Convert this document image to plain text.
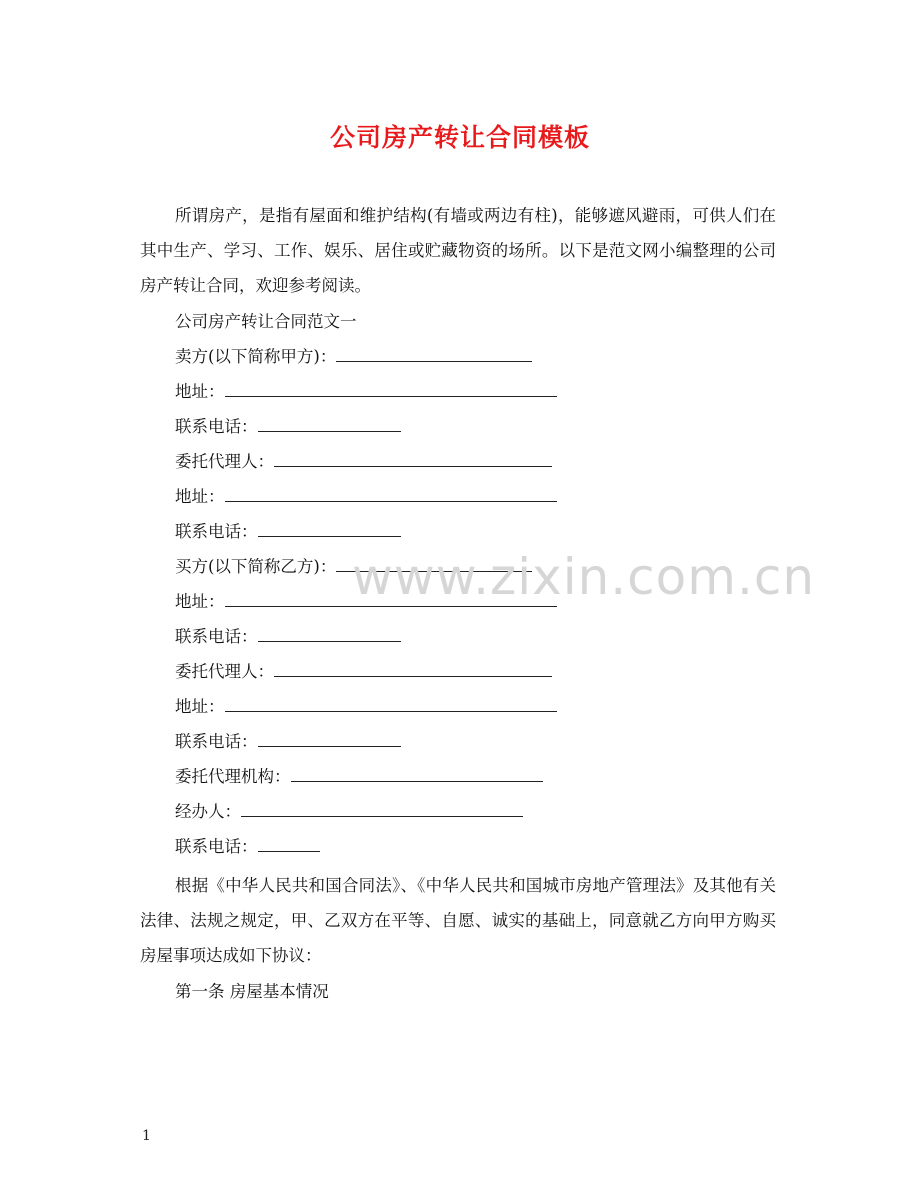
公司房产转让合同模板
所谓房产，是指有屋面和维护结构(有墙或两边有柱)，能够遮风避雨，可供人们在其中生产、学习、工作、娱乐、居住或贮藏物资的场所。以下是范文网小编整理的公司房产转让合同，欢迎参考阅读。
公司房产转让合同范文一
卖方(以下简称甲方)：
地址：
联系电话：
委托代理人：
地址：
联系电话：
买方(以下简称乙方)：
地址：
联系电话：
委托代理人：
地址：
联系电话：
委托代理机构：
经办人：
联系电话：
根据《中华人民共和国合同法》、《中华人民共和国城市房地产管理法》及其他有关法律、法规之规定，甲、乙双方在平等、自愿、诚实的基础上，同意就乙方向甲方购买房屋事项达成如下协议：
第一条 房屋基本情况
www.zixin.com.cn
1
